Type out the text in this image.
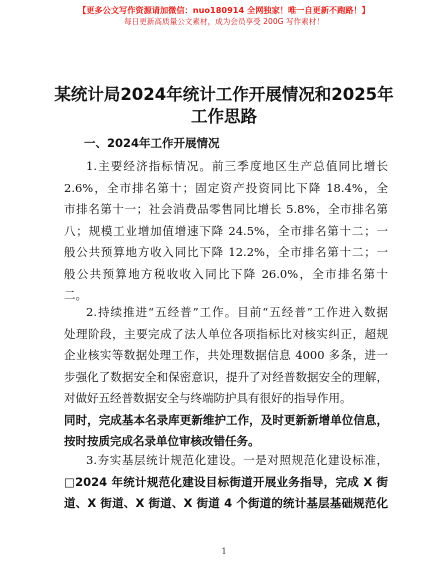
【更多公文写作资源请加微信：nuo180914 全网独家！唯一自更新不跑路！】
每日更新高质量公文素材，成为会员享受 200G 写作素材！
某统计局2024年统计工作开展情况和2025年
工作思路
一、2024年工作开展情况
1.主要经济指标情况。前三季度地区生产总值同比增长
2.6%，全市排名第十；固定资产投资同比下降 18.4%，全
市排名第十一；社会消费品零售同比增长 5.8%，全市排名第
八；规模工业增加值增速下降 24.5%，全市排名第十二；一
般公共预算地方收入同比下降 12.2%，全市排名第十二；一
般公共预算地方税收收入同比下降 26.0%，全市排名第十
二。
2.持续推进“五经普”工作。目前“五经普”工作进入数据
处理阶段，主要完成了法人单位各项指标比对核实纠正，超规
企业核实等数据处理工作，共处理数据信息 4000 多条，进一
步强化了数据安全和保密意识，提升了对经普数据安全的理解，
对做好五经普数据安全与终端防护具有很好的指导作用。
同时，完成基本名录库更新维护工作，及时更新新增单位信息，
按时按质完成名录单位审核改错任务。
3.夯实基层统计规范化建设。一是对照规范化建设标准，
□2024 年统计规范化建设目标街道开展业务指导，完成 X 街
道、X 街道、X 街道、X 街道 4 个街道的统计基层基础规范化
1
